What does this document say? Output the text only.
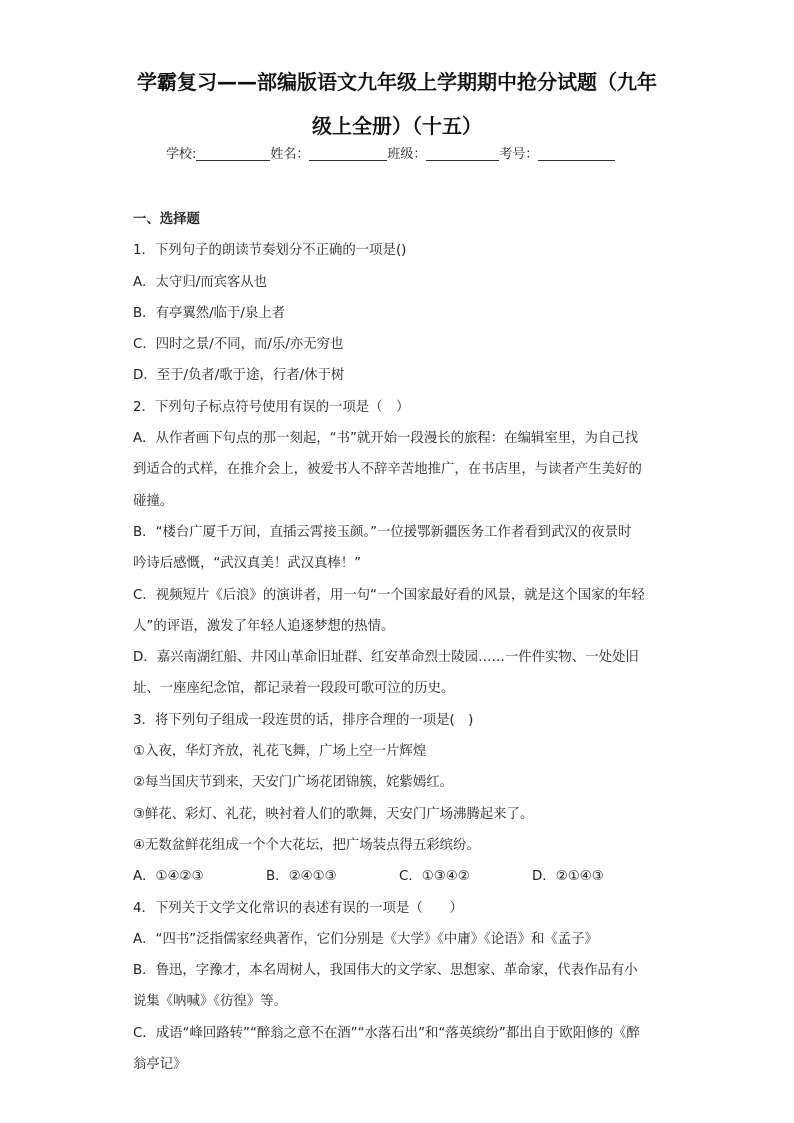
学霸复习——部编版语文九年级上学期期中抢分试题（九年
级上全册）（十五）
学校:	姓名：	班级：	考号：
一、选择题
1．下列句子的朗读节奏划分不正确的一项是()
A．太守归/而宾客从也
B．有亭翼然/临于/泉上者
C．四时之景/不同，而/乐/亦无穷也
D．至于/负者/歌于途，行者/休于树
2．下列句子标点符号使用有误的一项是（　）
A．从作者画下句点的那一刻起，“书”就开始一段漫长的旅程：在编辑室里，为自己找
到适合的式样，在推介会上，被爱书人不辞辛苦地推广，在书店里，与读者产生美好的
碰撞。
B．“楼台广厦千万间，直插云霄接玉颜。”一位援鄂新疆医务工作者看到武汉的夜景时
吟诗后感慨，“武汉真美！武汉真棒！”
C．视频短片《后浪》的演讲者，用一句“一个国家最好看的风景，就是这个国家的年轻
人”的评语，激发了年轻人追逐梦想的热情。
D．嘉兴南湖红船、井冈山革命旧址群、红安革命烈士陵园……一件件实物、一处处旧
址、一座座纪念馆，都记录着一段段可歌可泣的历史。
3．将下列句子组成一段连贯的话，排序合理的一项是(　)
①入夜，华灯齐放，礼花飞舞，广场上空一片辉煌
②每当国庆节到来，天安门广场花团锦簇，姹紫嫣红。
③鲜花、彩灯、礼花，映衬着人们的歌舞，天安门广场沸腾起来了。
④无数盆鲜花组成一个个大花坛，把广场装点得五彩缤纷。
A．①④②③	B．②④①③	C．①③④②	D．②①④③
4．下列关于文学文化常识的表述有误的一项是（　　）
A．“四书”泛指儒家经典著作，它们分别是《大学》《中庸》《论语》和《孟子》
B．鲁迅，字豫才，本名周树人，我国伟大的文学家、思想家、革命家，代表作品有小
说集《呐喊》《彷徨》等。
C．成语“峰回路转”“醉翁之意不在酒”“水落石出”和“落英缤纷”都出自于欧阳修的《醉
翁亭记》
